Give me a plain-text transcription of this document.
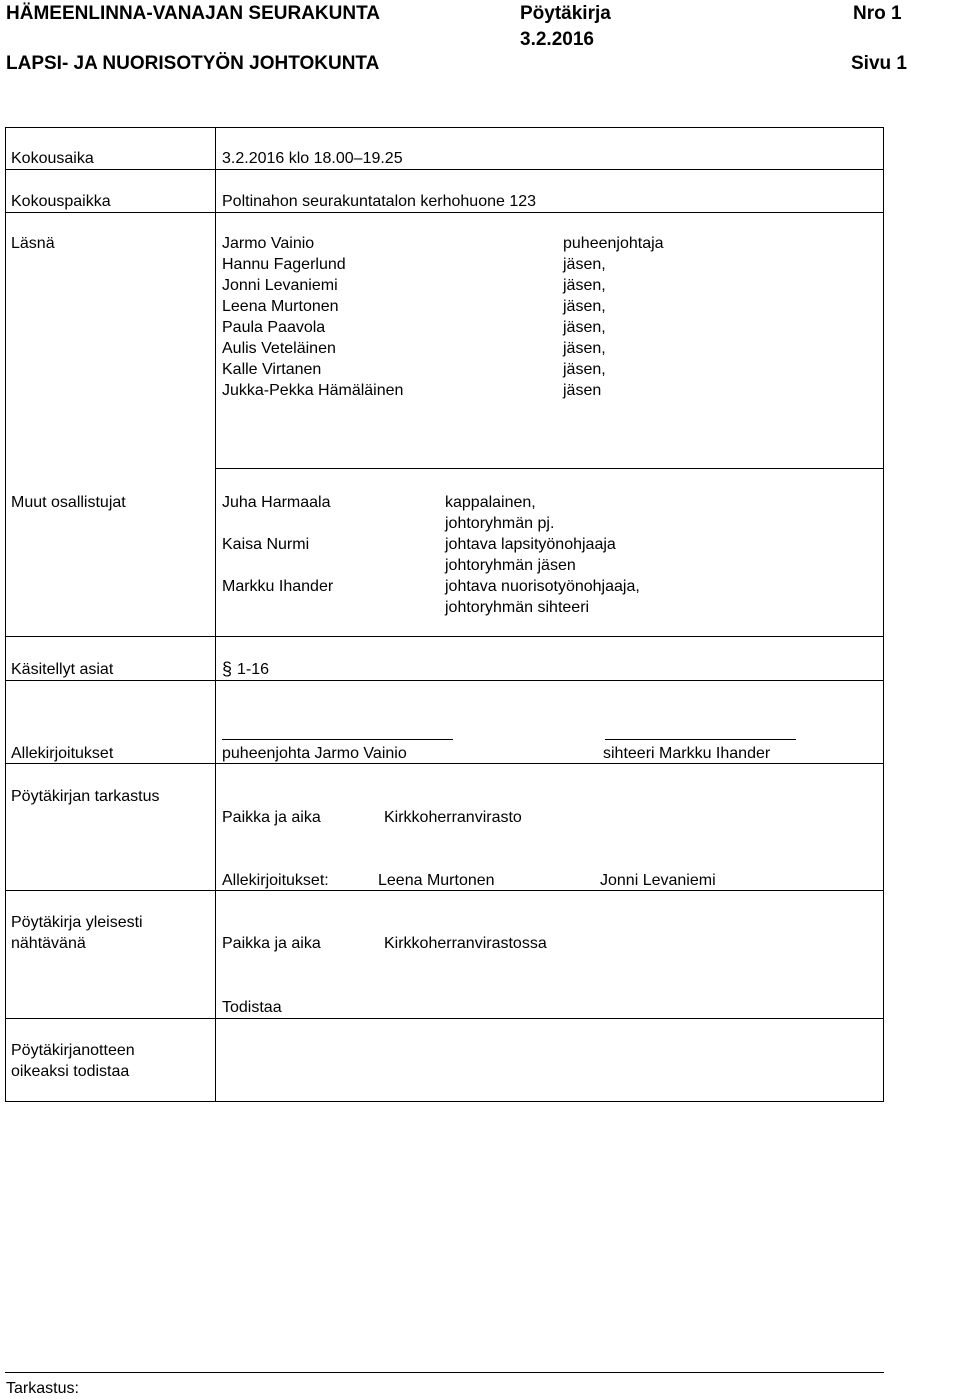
HÄMEENLINNA-VANAJAN SEURAKUNTA	Pöytäkirja	Nro 1
3.2.2016
LAPSI- JA NUORISOTYÖN JOHTOKUNTA	Sivu 1
Kokousaika	3.2.2016 klo 18.00–19.25
Kokouspaikka	Poltinahon seurakuntatalon kerhohuone 123
Läsnä	Jarmo Vainio	puheenjohtaja
Hannu Fagerlund	jäsen,
Jonni Levaniemi	jäsen,
Leena Murtonen	jäsen,
Paula Paavola	jäsen,
Aulis Veteläinen	jäsen,
Kalle Virtanen	jäsen,
Jukka-Pekka Hämäläinen	jäsen
Muut osallistujat	Juha Harmaala	kappalainen,
johtoryhmän pj.
Kaisa Nurmi	johtava lapsityönohjaaja
johtoryhmän jäsen
Markku Ihander	johtava nuorisotyönohjaaja,
johtoryhmän sihteeri
Käsitellyt asiat	§ 1-16
Allekirjoitukset	puheenjohta Jarmo Vainio	sihteeri Markku Ihander
Pöytäkirjan tarkastus
Paikka ja aika	Kirkkoherranvirasto
Allekirjoitukset:	Leena Murtonen	Jonni Levaniemi
Pöytäkirja yleisesti
nähtävänä	Paikka ja aika	Kirkkoherranvirastossa
Todistaa
Pöytäkirjanotteen
oikeaksi todistaa
Tarkastus:
